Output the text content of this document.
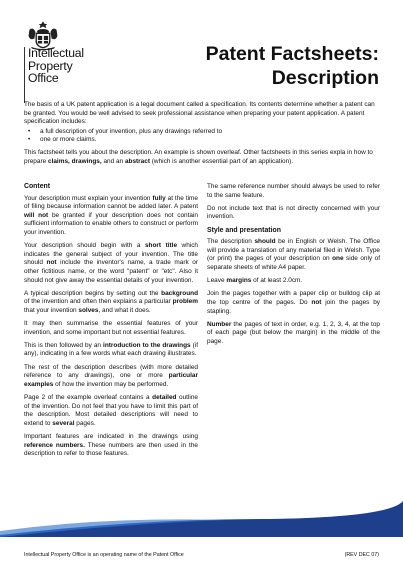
Intellectual
Property
Office
Patent Factsheets:
Description

The basis of a UK patent application is a legal document called a specification. Its contents determine whether a patent can be granted. You would be well advised to seek professional assistance when preparing your patent application. A patent specification includes:

• a full description of your invention, plus any drawings referred to
• one or more claims.

This factsheet tells you about the description. An example is shown overleaf. Other factsheets in this series expla in how to prepare claims, drawings, and an abstract (which is another essential part of an application).

Content

Your description must explain your invention fully at the time of filing because information cannot be added later. A patent will not be granted if your description does not contain sufficient information to enable others to construct or perform your invention.

Your description should begin with a short title which indicates the general subject of your invention. The title should not include the inventor's name, a trade mark or other fictitious name, or the word "patent" or "etc". Also it should not give away the essential details of your invention.

A typical description begins by setting out the background of the invention and often then explains a particular problem that your invention solves, and what it does.

It may then summarise the essential features of your invention, and some important but not essential features.

This is then followed by an introduction to the drawings (if any), indicating in a few words what each drawing illustrates.

The rest of the description describes (with more detailed reference to any drawings), one or more particular examples of how the invention may be performed.

Page 2 of the example overleaf contains a detailed outline of the invention. Do not feel that you have to limit this part of the description. Most detailed descriptions will need to extend to several pages.

Important features are indicated in the drawings using reference numbers. These numbers are then used in the description to refer to those features.

The same reference number should always be used to refer to the same feature.

Do not include text that is not directly concerned with your invention.

Style and presentation

The description should be in English or Welsh. The Office will provide a translation of any material filed in Welsh. Type (or print) the pages of your description on one side only of separate sheets of white A4 paper.

Leave margins of at least 2.0cm.

Join the pages together with a paper clip or bulldog clip at the top centre of the pages. Do not join the pages by stapling.

Number the pages of text in order, e.g. 1, 2, 3, 4, at the top of each page (but below the margin) in the middle of the page.

Intellectual Property Office is an operating name of the Patent Office	(REV DEC 07)
